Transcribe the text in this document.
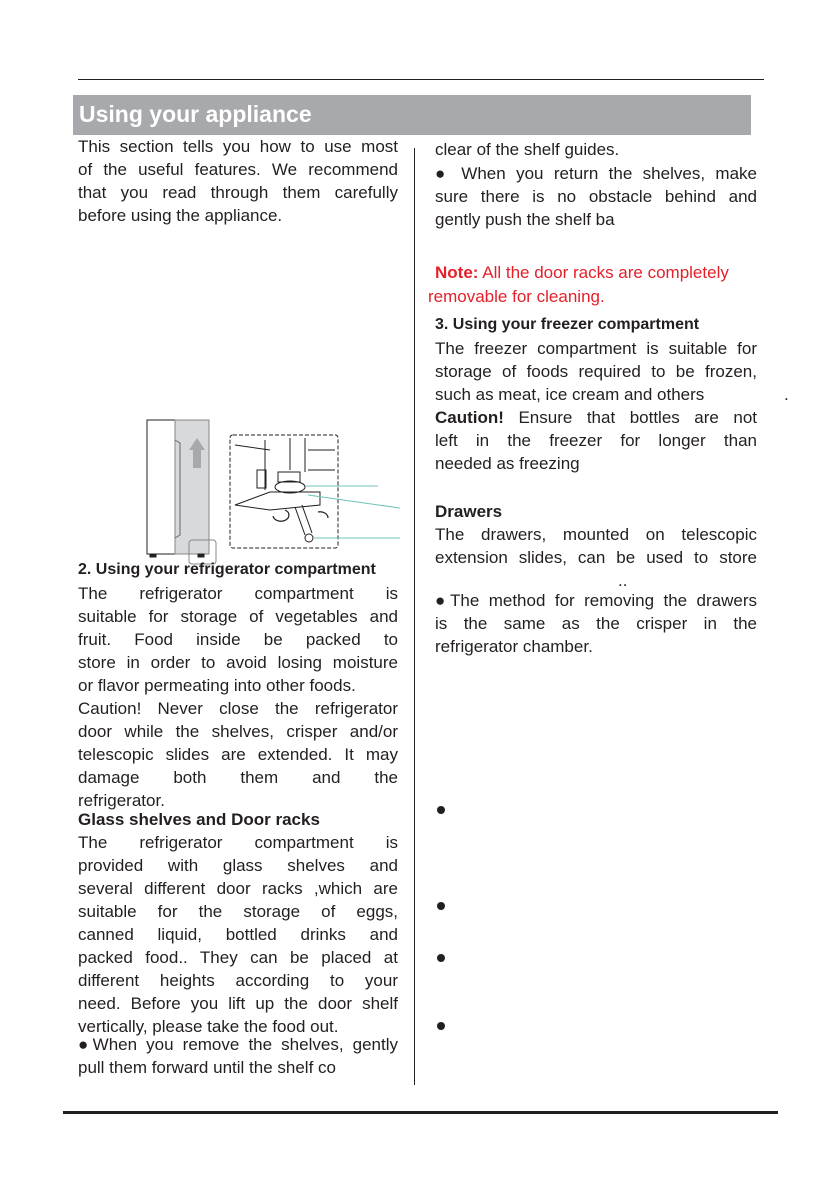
Using your appliance
This section tells you how to use most
of the useful features. We recommend
that you read through them carefully
before using the appliance.
2. Using your refrigerator compartment
The refrigerator compartment is
suitable for storage of vegetables and
fruit. Food inside be packed to
store in order to avoid losing moisture
or flavor permeating into other foods.
Caution! Never close the refrigerator
door while the shelves, crisper and/or
telescopic slides are extended. It may
damage both them and the
refrigerator.
Glass shelves and Door racks
The refrigerator compartment is
provided with glass shelves and
several different door racks ,which are
suitable for the storage of eggs,
canned liquid, bottled drinks and
packed food.. They can be placed at
different heights according to your
need. Before you lift up the door shelf
vertically, please take the food out.
●When you remove the shelves, gently
pull them forward until the shelf co
clear of the shelf guides.
● When you return the shelves, make
sure there is no obstacle behind and
gently push the shelf ba
Note: All the door racks are completely
removable for cleaning.
3. Using your freezer compartment
The freezer compartment is suitable for
storage of foods required to be frozen,
such as meat, ice cream and others	.
Caution! Ensure that bottles are not
left in the freezer for longer than
needed as freezing
Drawers
The drawers, mounted on telescopic
extension slides, can be used to store
..
●The method for removing the drawers
is the same as the crisper in the
refrigerator chamber.
